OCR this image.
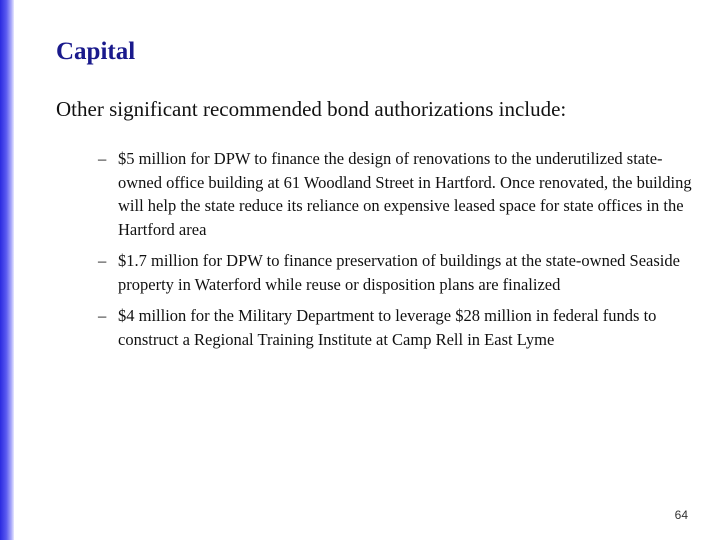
Capital

Other significant recommended bond authorizations include:

– $5 million for DPW to finance the design of renovations to the underutilized state-owned office building at 61 Woodland Street in Hartford. Once renovated, the building will help the state reduce its reliance on expensive leased space for state offices in the Hartford area
– $1.7 million for DPW to finance preservation of buildings at the state-owned Seaside property in Waterford while reuse or disposition plans are finalized
– $4 million for the Military Department to leverage $28 million in federal funds to construct a Regional Training Institute at Camp Rell in East Lyme
64
